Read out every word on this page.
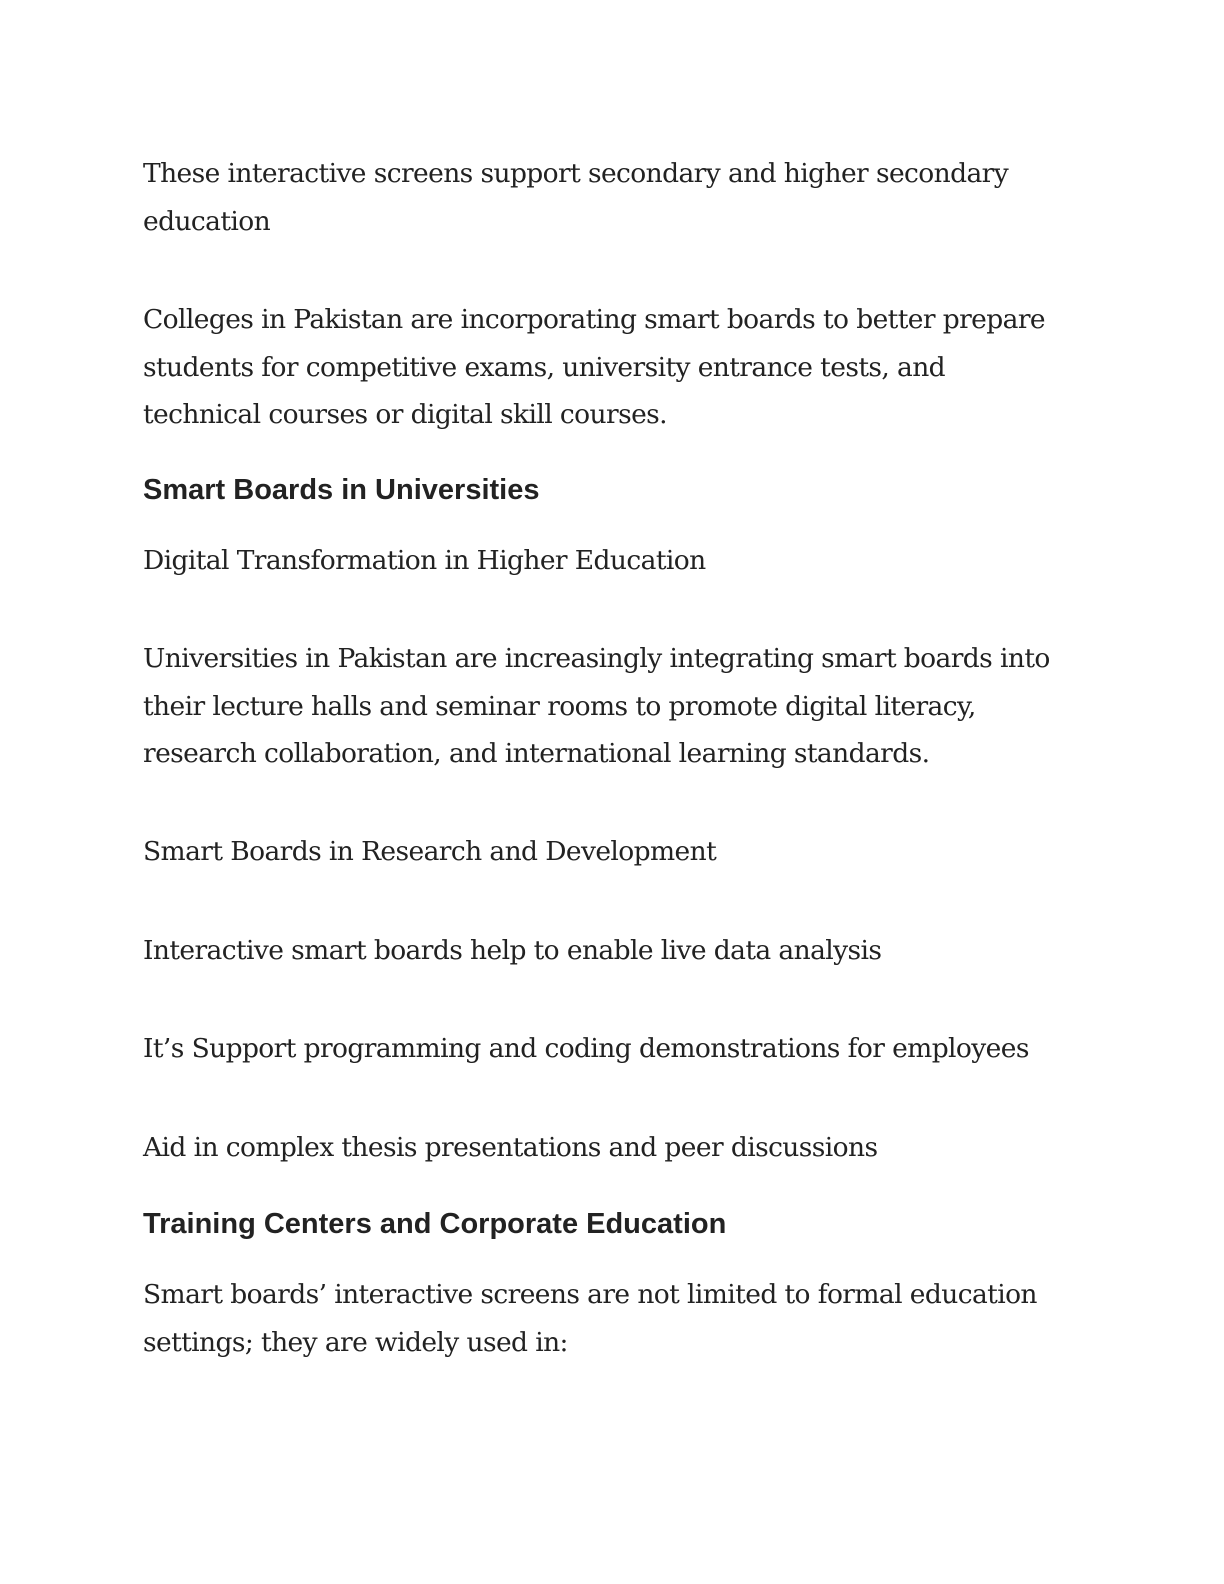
These interactive screens support secondary and higher secondary
education

Colleges in Pakistan are incorporating smart boards to better prepare
students for competitive exams, university entrance tests, and
technical courses or digital skill courses.

Smart Boards in Universities

Digital Transformation in Higher Education

Universities in Pakistan are increasingly integrating smart boards into
their lecture halls and seminar rooms to promote digital literacy,
research collaboration, and international learning standards.

Smart Boards in Research and Development

Interactive smart boards help to enable live data analysis

It’s Support programming and coding demonstrations for employees

Aid in complex thesis presentations and peer discussions

Training Centers and Corporate Education

Smart boards’ interactive screens are not limited to formal education
settings; they are widely used in:
